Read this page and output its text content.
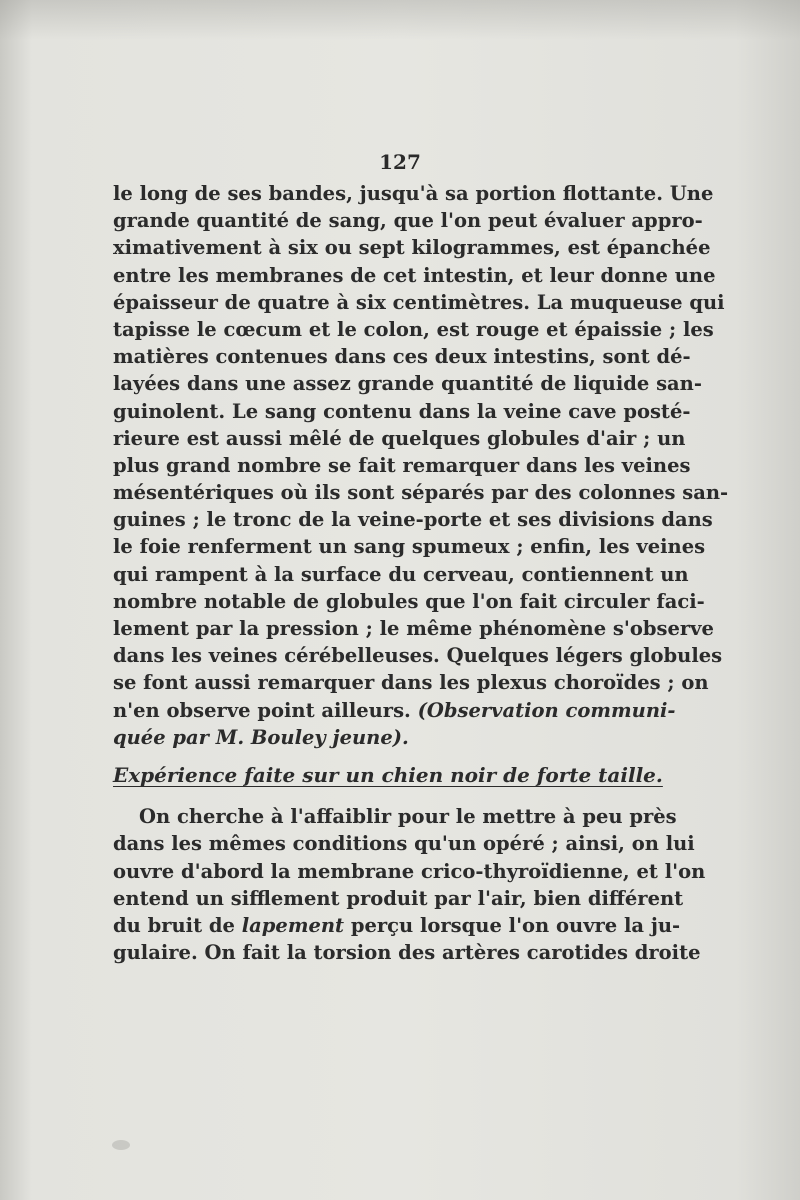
127
le long de ses bandes, jusqu'à sa portion flottante. Une
grande quantité de sang, que l'on peut évaluer appro-
ximativement à six ou sept kilogrammes, est épanchée
entre les membranes de cet intestin, et leur donne une
épaisseur de quatre à six centimètres. La muqueuse qui
tapisse le cœcum et le colon, est rouge et épaissie ; les
matières contenues dans ces deux intestins, sont dé-
layées dans une assez grande quantité de liquide san-
guinolent. Le sang contenu dans la veine cave posté-
rieure est aussi mêlé de quelques globules d'air ; un
plus grand nombre se fait remarquer dans les veines
mésentériques où ils sont séparés par des colonnes san-
guines ; le tronc de la veine-porte et ses divisions dans
le foie renferment un sang spumeux ; enfin, les veines
qui rampent à la surface du cerveau, contiennent un
nombre notable de globules que l'on fait circuler faci-
lement par la pression ; le même phénomène s'observe
dans les veines cérébelleuses. Quelques légers globules
se font aussi remarquer dans les plexus choroïdes ; on
n'en observe point ailleurs. (Observation communi-
quée par M. Bouley jeune).
Expérience faite sur un chien noir de forte taille.
On cherche à l'affaiblir pour le mettre à peu près
dans les mêmes conditions qu'un opéré ; ainsi, on lui
ouvre d'abord la membrane crico-thyroïdienne, et l'on
entend un sifflement produit par l'air, bien différent
du bruit de lapement perçu lorsque l'on ouvre la ju-
gulaire. On fait la torsion des artères carotides droite
